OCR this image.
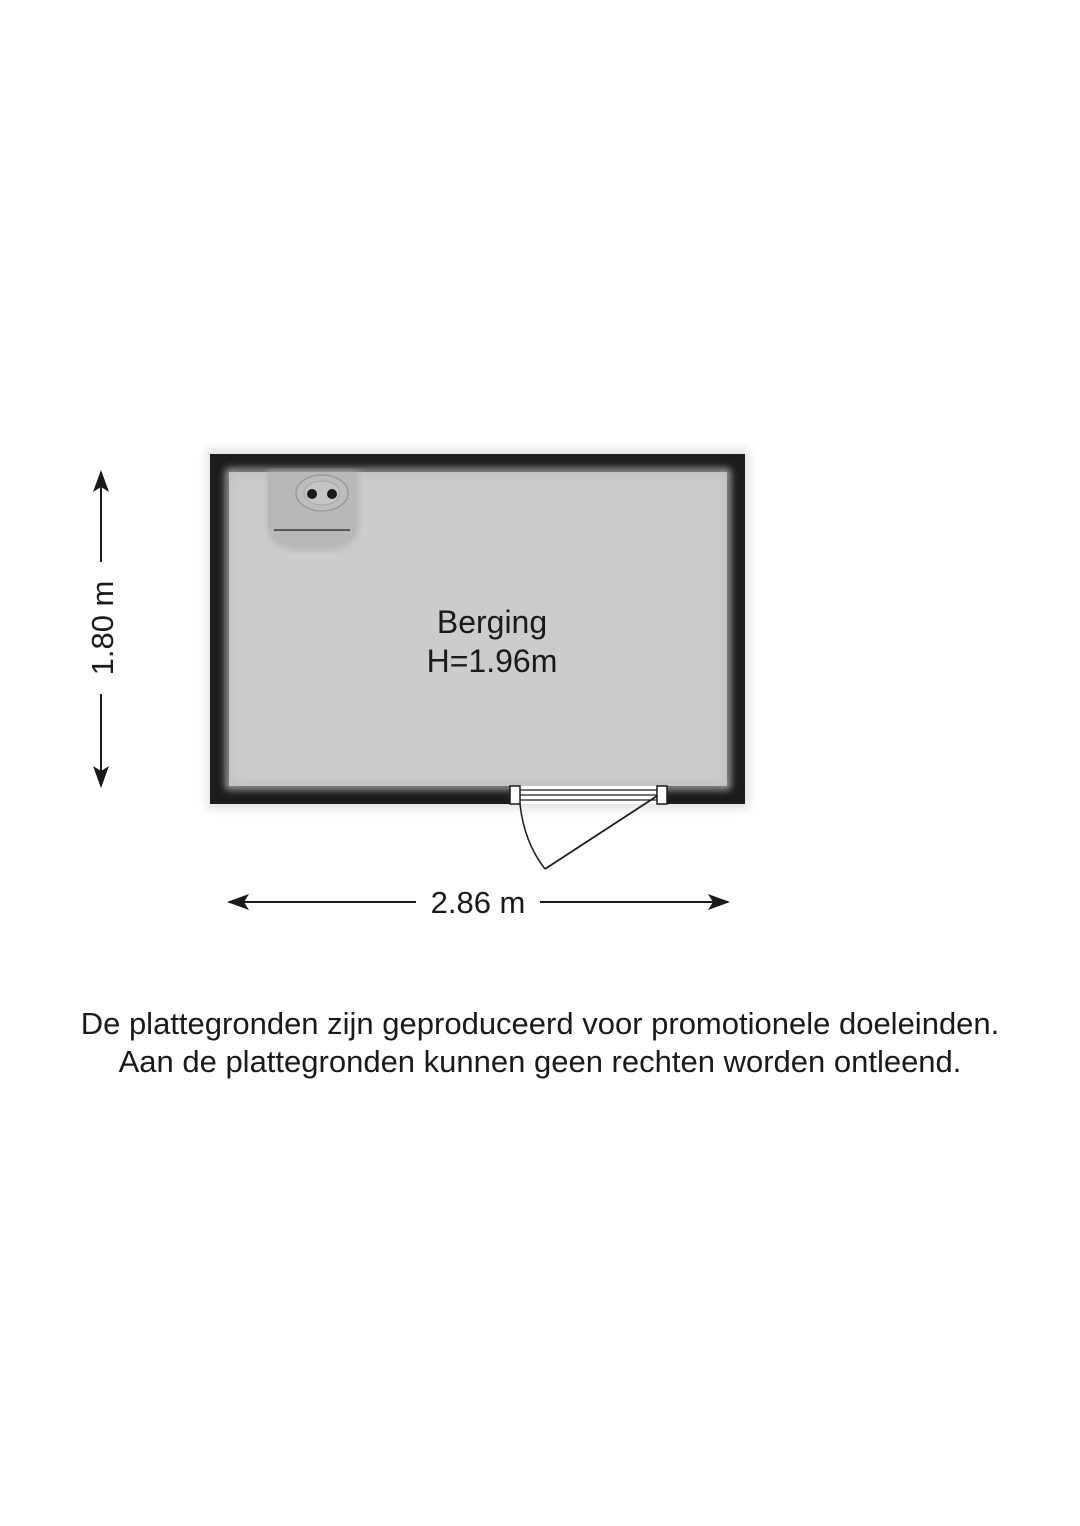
Berging
H=1.96m
1.80 m
2.86 m
De plattegronden zijn geproduceerd voor promotionele doeleinden.
Aan de plattegronden kunnen geen rechten worden ontleend.
